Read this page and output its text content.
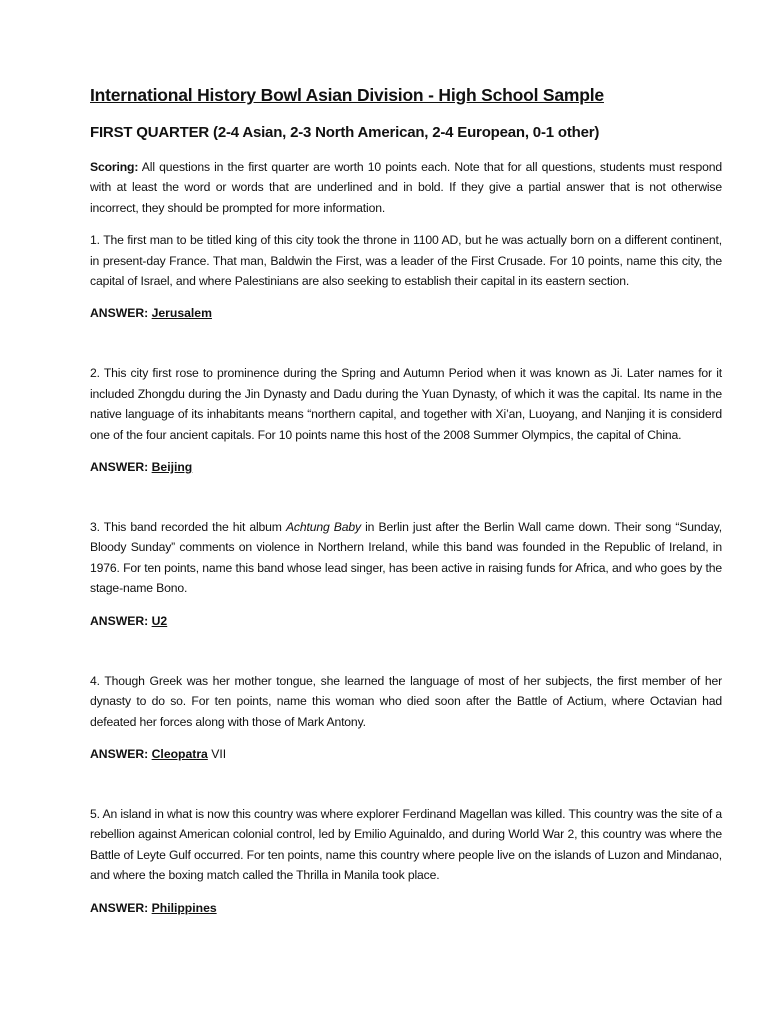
International History Bowl Asian Division - High School Sample
FIRST QUARTER (2-4 Asian, 2-3 North American, 2-4 European, 0-1 other)

Scoring: All questions in the first quarter are worth 10 points each. Note that for all questions, students must respond with at least the word or words that are underlined and in bold. If they give a partial answer that is not otherwise incorrect, they should be prompted for more information.

1. The first man to be titled king of this city took the throne in 1100 AD, but he was actually born on a different continent, in present-day France. That man, Baldwin the First, was a leader of the First Crusade. For 10 points, name this city, the capital of Israel, and where Palestinians are also seeking to establish their capital in its eastern section.

ANSWER: Jerusalem

2. This city first rose to prominence during the Spring and Autumn Period when it was known as Ji. Later names for it included Zhongdu during the Jin Dynasty and Dadu during the Yuan Dynasty, of which it was the capital. Its name in the native language of its inhabitants means “northern capital, and together with Xi’an, Luoyang, and Nanjing it is considerd one of the four ancient capitals. For 10 points name this host of the 2008 Summer Olympics, the capital of China.

ANSWER: Beijing

3. This band recorded the hit album Achtung Baby in Berlin just after the Berlin Wall came down. Their song “Sunday, Bloody Sunday” comments on violence in Northern Ireland, while this band was founded in the Republic of Ireland, in 1976. For ten points, name this band whose lead singer, has been active in raising funds for Africa, and who goes by the stage-name Bono.

ANSWER: U2

4. Though Greek was her mother tongue, she learned the language of most of her subjects, the first member of her dynasty to do so. For ten points, name this woman who died soon after the Battle of Actium, where Octavian had defeated her forces along with those of Mark Antony.

ANSWER: Cleopatra VII

5. An island in what is now this country was where explorer Ferdinand Magellan was killed. This country was the site of a rebellion against American colonial control, led by Emilio Aguinaldo, and during World War 2, this country was where the Battle of Leyte Gulf occurred. For ten points, name this country where people live on the islands of Luzon and Mindanao, and where the boxing match called the Thrilla in Manila took place.

ANSWER: Philippines
